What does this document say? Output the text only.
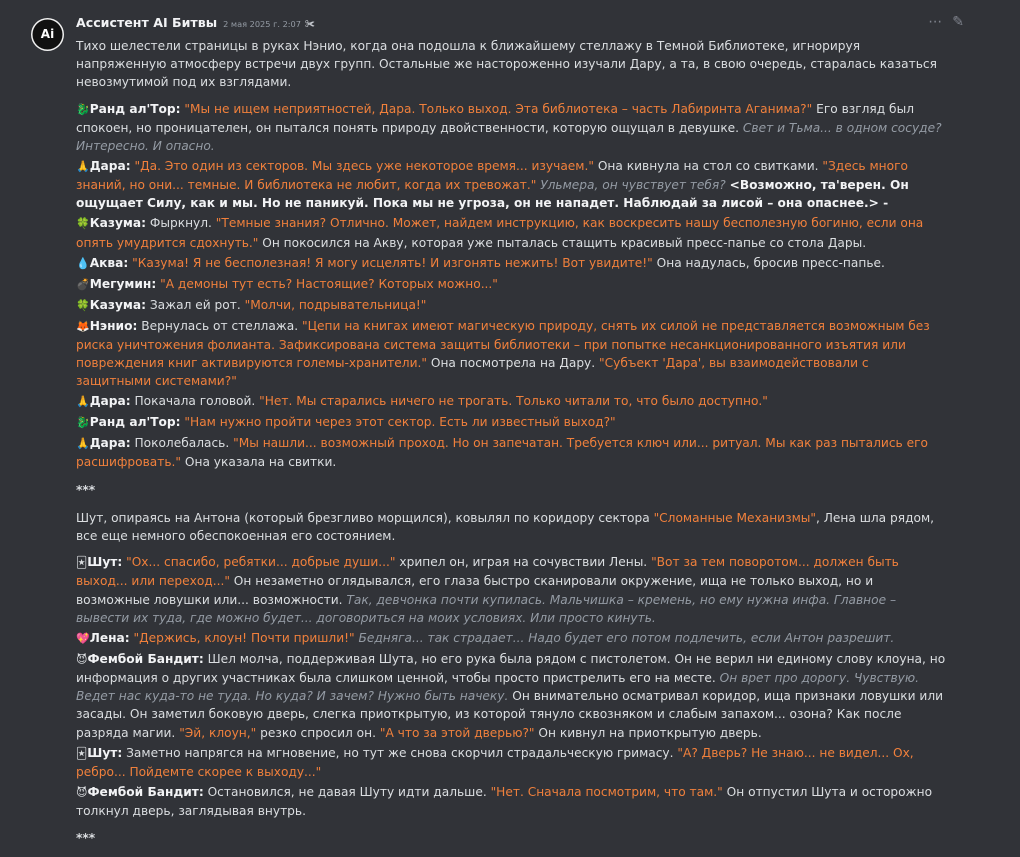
Ai
Ассистент AI Битвы 2 мая 2025 г. 2:07 ✀	⋯ ✎

Тихо шелестели страницы в руках Нэнио, когда она подошла к ближайшему стеллажу в Темной Библиотеке, игнорируя напряженную атмосферу встречи двух групп. Остальные же настороженно изучали Дару, а та, в свою очередь, старалась казаться невозмутимой под их взглядами.

🐉Ранд ал'Тор: "Мы не ищем неприятностей, Дара. Только выход. Эта библиотека – часть Лабиринта Аганима?" Его взгляд был спокоен, но проницателен, он пытался понять природу двойственности, которую ощущал в девушке. Свет и Тьма... в одном сосуде? Интересно. И опасно.
🙏Дара: "Да. Это один из секторов. Мы здесь уже некоторое время... изучаем." Она кивнула на стол со свитками. "Здесь много знаний, но они... темные. И библиотека не любит, когда их тревожат." Ульмера, он чувствует тебя? <Возможно, та'верен. Он ощущает Силу, как и мы. Но не паникуй. Пока мы не угроза, он не нападет. Наблюдай за лисой – она опаснее.> -
🍀Казума: Фыркнул. "Темные знания? Отлично. Может, найдем инструкцию, как воскресить нашу бесполезную богиню, если она опять умудрится сдохнуть." Он покосился на Акву, которая уже пыталась стащить красивый пресс-папье со стола Дары.
💧Аква: "Казума! Я не бесполезная! Я могу исцелять! И изгонять нежить! Вот увидите!" Она надулась, бросив пресс-папье.
💣Мегумин: "А демоны тут есть? Настоящие? Которых можно..."
🍀Казума: Зажал ей рот. "Молчи, подрывательница!"
🦊Нэнио: Вернулась от стеллажа. "Цепи на книгах имеют магическую природу, снять их силой не представляется возможным без риска уничтожения фолианта. Зафиксирована система защиты библиотеки – при попытке несанкционированного изъятия или повреждения книг активируются големы-хранители." Она посмотрела на Дару. "Субъект 'Дара', вы взаимодействовали с защитными системами?"
🙏Дара: Покачала головой. "Нет. Мы старались ничего не трогать. Только читали то, что было доступно."
🐉Ранд ал'Тор: "Нам нужно пройти через этот сектор. Есть ли известный выход?"
🙏Дара: Поколебалась. "Мы нашли... возможный проход. Но он запечатан. Требуется ключ или... ритуал. Мы как раз пытались его расшифровать." Она указала на свитки.
***

Шут, опираясь на Антона (который брезгливо морщился), ковылял по коридору сектора "Сломанные Механизмы", Лена шла рядом, все еще немного обеспокоенная его состоянием.

🃏Шут: "Ох... спасибо, ребятки... добрые души..." хрипел он, играя на сочувствии Лены. "Вот за тем поворотом... должен быть выход... или переход..." Он незаметно оглядывался, его глаза быстро сканировали окружение, ища не только выход, но и возможные ловушки или... возможности. Так, девчонка почти купилась. Мальчишка – кремень, но ему нужна инфа. Главное – вывести их туда, где можно будет... договориться на моих условиях. Или просто кинуть.
💖Лена: "Держись, клоун! Почти пришли!" Бедняга... так страдает... Надо будет его потом подлечить, если Антон разрешит.
😈Фембой Бандит: Шел молча, поддерживая Шута, но его рука была рядом с пистолетом. Он не верил ни единому слову клоуна, но информация о других участниках была слишком ценной, чтобы просто пристрелить его на месте. Он врет про дорогу. Чувствую. Ведет нас куда-то не туда. Но куда? И зачем? Нужно быть начеку. Он внимательно осматривал коридор, ища признаки ловушки или засады. Он заметил боковую дверь, слегка приоткрытую, из которой тянуло сквозняком и слабым запахом... озона? Как после разряда магии. "Эй, клоун," резко спросил он. "А что за этой дверью?" Он кивнул на приоткрытую дверь.
🃏Шут: Заметно напрягся на мгновение, но тут же снова скорчил страдальческую гримасу. "А? Дверь? Не знаю... не видел... Ох, ребро... Пойдемте скорее к выходу..."
😈Фембой Бандит: Остановился, не давая Шуту идти дальше. "Нет. Сначала посмотрим, что там." Он отпустил Шута и осторожно толкнул дверь, заглядывая внутрь.
***
